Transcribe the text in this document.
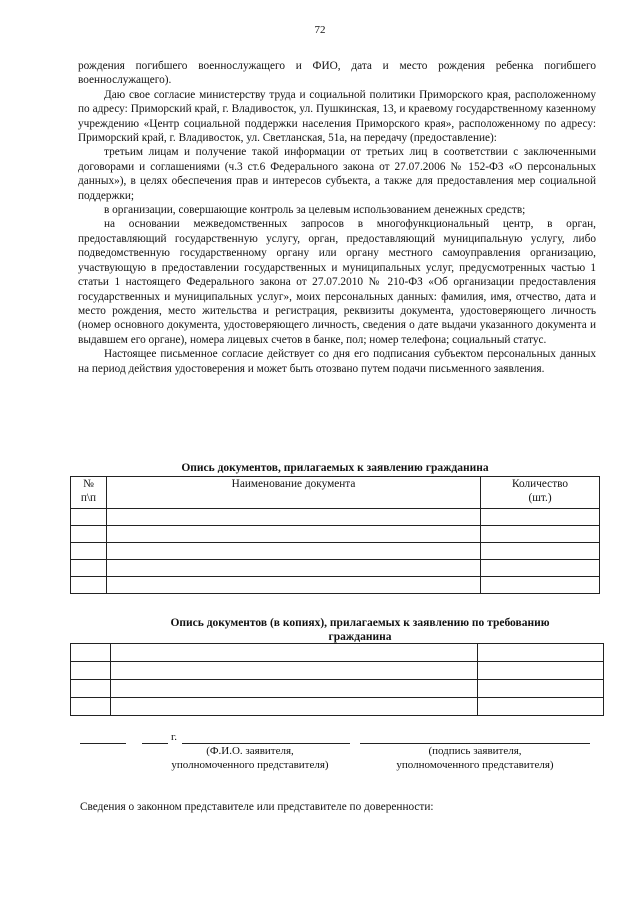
72

рождения погибшего военнослужащего и ФИО, дата и место рождения ребенка погибшего военнослужащего).

Даю свое согласие министерству труда и социальной политики Приморского края, расположенному по адресу: Приморский край, г. Владивосток, ул. Пушкинская, 13, и краевому государственному казенному учреждению «Центр социальной поддержки населения Приморского края», расположенному по адресу: Приморский край, г. Владивосток, ул. Светланская, 51а, на передачу (предоставление):

третьим лицам и получение такой информации от третьих лиц в соответствии с заключенными договорами и соглашениями (ч.3 ст.6 Федерального закона от 27.07.2006 № 152-ФЗ «О персональных данных»), в целях обеспечения прав и интересов субъекта, а также для предоставления мер социальной поддержки;

в организации, совершающие контроль за целевым использованием денежных средств;

на основании межведомственных запросов в многофункциональный центр, в орган, предоставляющий государственную услугу, орган, предоставляющий муниципальную услугу, либо подведомственную государственному органу или органу местного самоуправления организацию, участвующую в предоставлении государственных и муниципальных услуг, предусмотренных частью 1 статьи 1 настоящего Федерального закона от 27.07.2010 № 210-ФЗ «Об организации предоставления государственных и муниципальных услуг», моих персональных данных: фамилия, имя, отчество, дата и место рождения, место жительства и регистрация, реквизиты документа, удостоверяющего личность (номер основного документа, удостоверяющего личность, сведения о дате выдачи указанного документа и выдавшем его органе), номера лицевых счетов в банке, пол; номер телефона; социальный статус.

Настоящее письменное согласие действует со дня его подписания субъектом персональных данных на период действия удостоверения и может быть отозвано путем подачи письменного заявления.

Опись документов, прилагаемых к заявлению гражданина
№ п\п	Наименование документа	Количество (шт.)

Опись документов (в копиях), прилагаемых к заявлению по требованию
гражданина

г.
(Ф.И.О. заявителя,
уполномоченного представителя)
(подпись заявителя,
уполномоченного представителя)
Сведения о законном представителе или представителе по доверенности:
